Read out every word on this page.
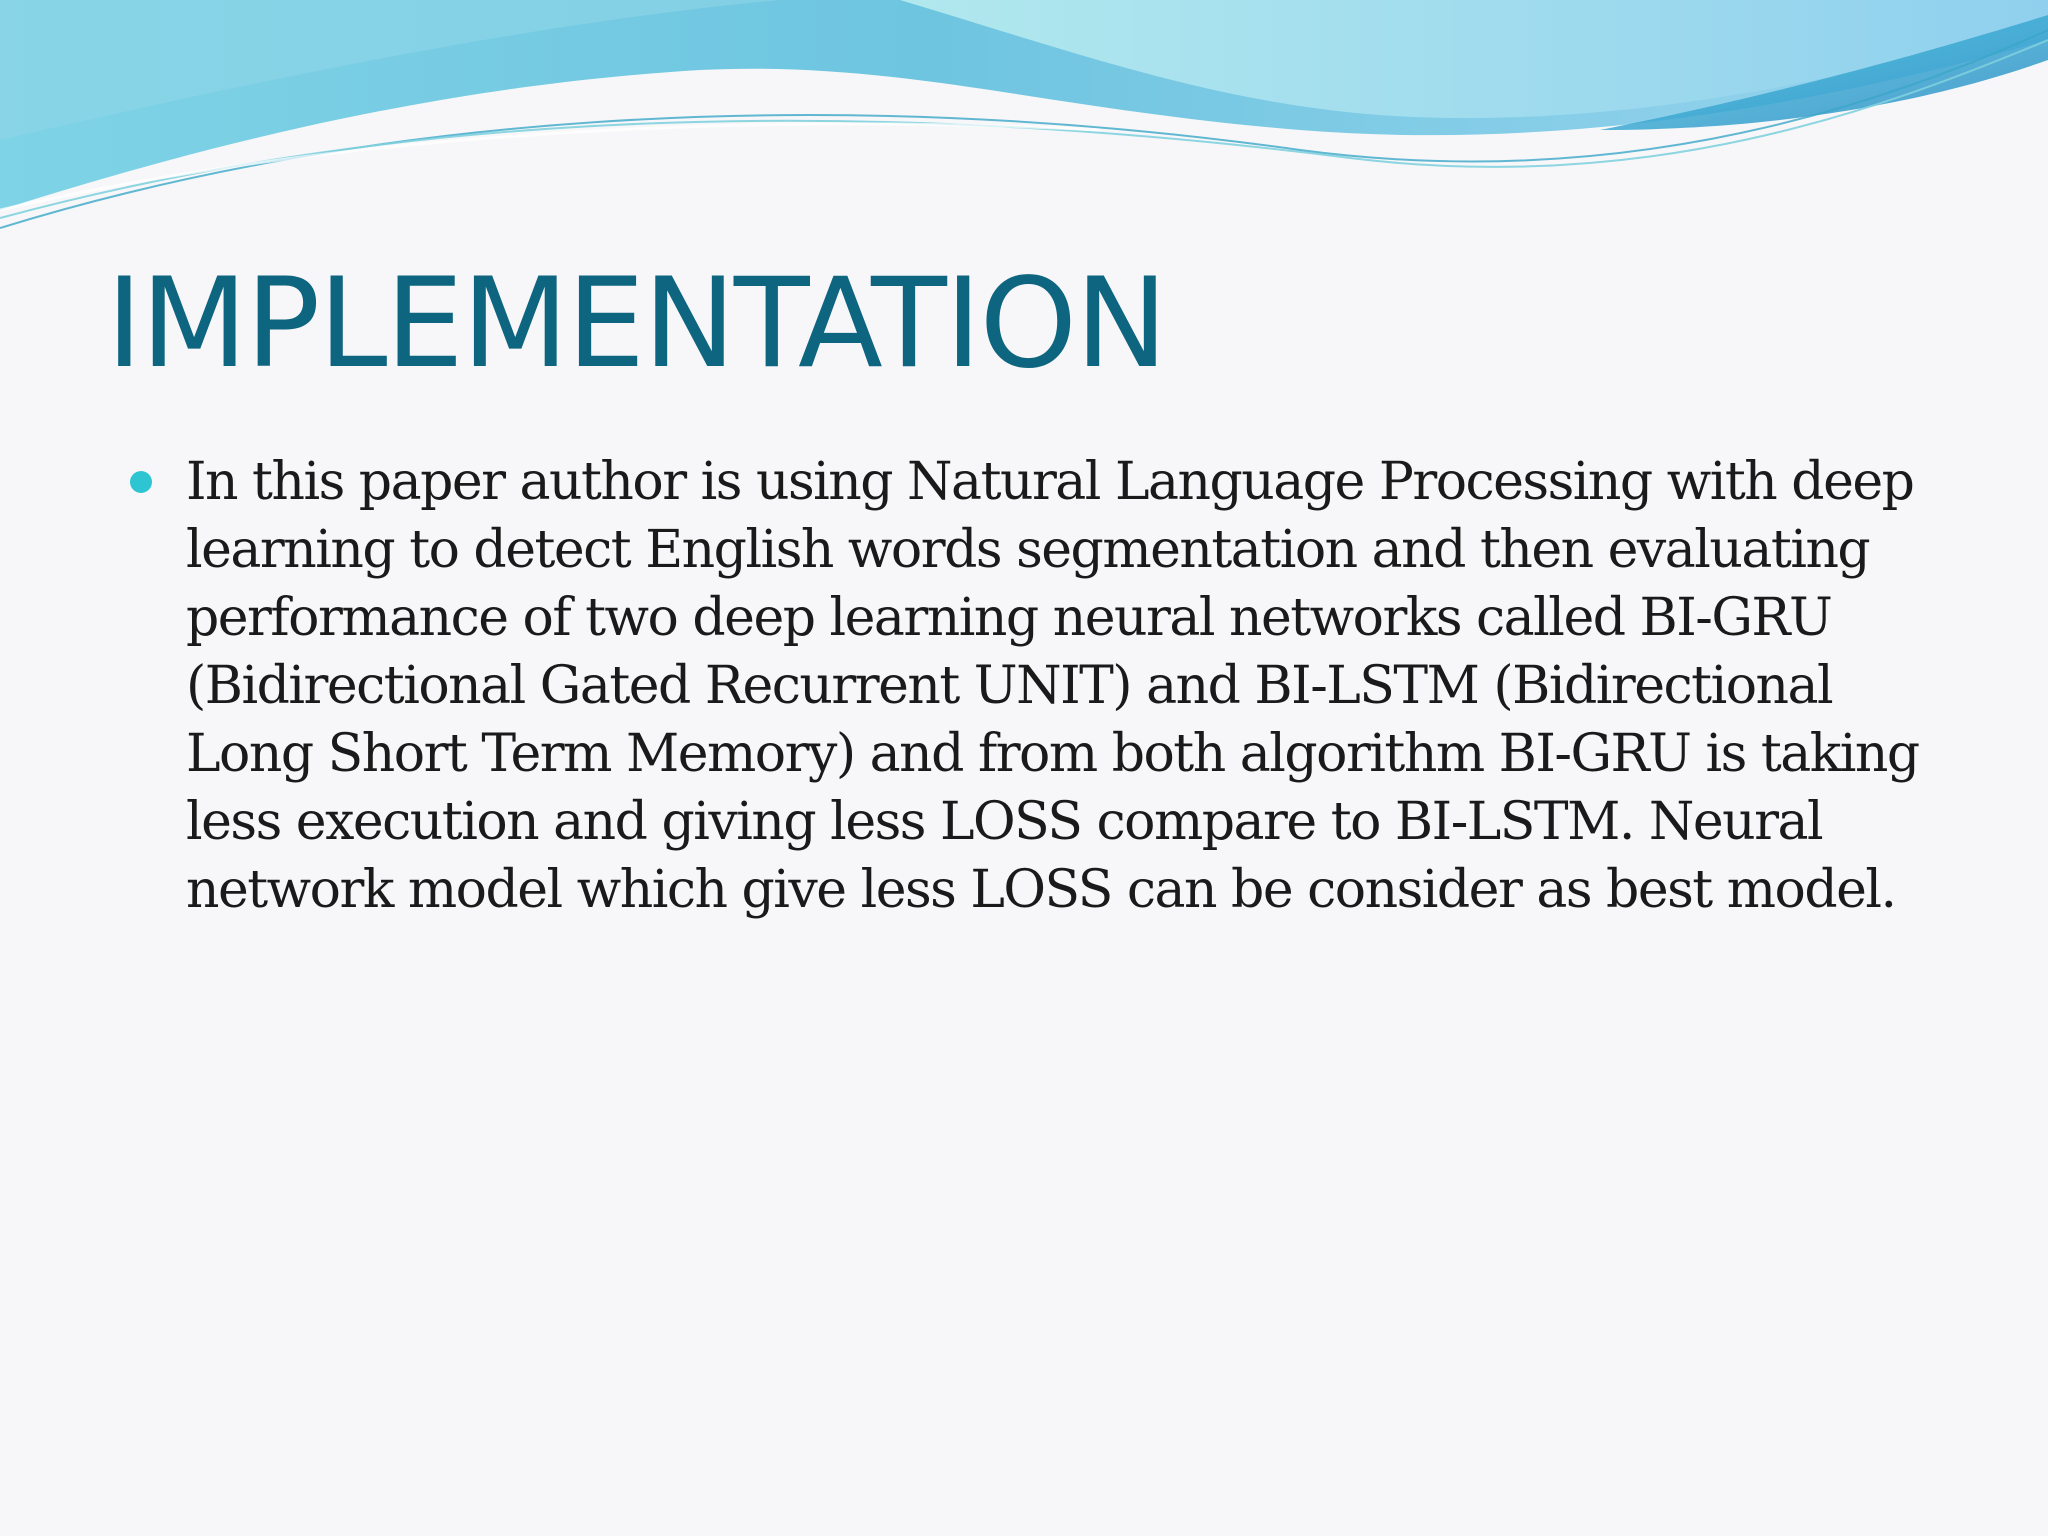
IMPLEMENTATION
In this paper author is using Natural Language Processing with deep learning to detect English words segmentation and then evaluating performance of two deep learning neural networks called BI-GRU (Bidirectional Gated Recurrent UNIT) and BI-LSTM (Bidirectional Long Short Term Memory) and from both algorithm BI-GRU is taking less execution and giving less LOSS compare to BI-LSTM. Neural network model which give less LOSS can be consider as best model.
